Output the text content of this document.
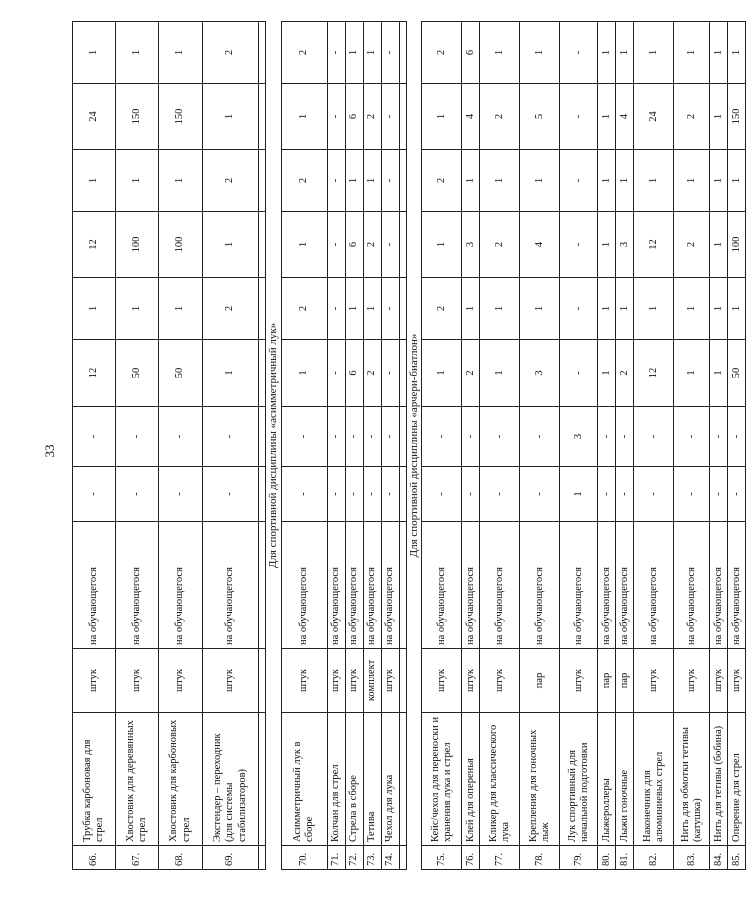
33
66.	Трубка карбоновая для стрел	штук	на обучающегося	-	-	12	1	12	1	24	1
67.	Хвостовик для деревянных стрел	штук	на обучающегося	-	-	50	1	100	1	150	1
68.	Хвостовик для карбоновых стрел	штук	на обучающегося	-	-	50	1	100	1	150	1
69.	Экстендер – переходник (для системы стабилизаторов)	штук	на обучающегося	-	-	1	2	1	2	1	2

Для спортивной дисциплины «асимметричный лук»											
70.	Асимметричный лук в сборе	штук	на обучающегося	-	-	1	2	1	2	1	2
71.	Колчан для стрел	штук	на обучающегося	-	-	-	-	-	-	-	-
72.	Стрела в сборе	штук	на обучающегося	-	-	6	1	6	1	6	1
73.	Тетива	комплект	на обучающегося	-	-	2	1	2	1	2	1
74.	Чехол для лука	штук	на обучающегося	-	-	-	-	-	-	-	-

Для спортивной дисциплины «арчери-биатлон»											
75.	Кейс/чехол для переноски и хранения лука и стрел	штук	на обучающегося	-	-	1	2	1	2	1	2
76.	Клей для оперенья	штук	на обучающегося	-	-	2	1	3	1	4	6
77.	Кликер для классического лука	штук	на обучающегося	-	-	1	1	2	1	2	1
78.	Крепления для гоночных лыж	пар	на обучающегося	-	-	3	1	4	1	5	1
79.	Лук спортивный для начальной подготовки	штук	на обучающегося	1	3	-	-	-	-	-	-
80.	Лыжероллеры	пар	на обучающегося	-	-	1	1	1	1	1	1
81.	Лыжи гоночные	пар	на обучающегося	-	-	2	1	3	1	4	1
82.	Наконечник для алюминиевых стрел	штук	на обучающегося	-	-	12	1	12	1	24	1
83.	Нить для обмотки тетивы (катушка)	штук	на обучающегося	-	-	1	1	2	1	2	1
84.	Нить для тетивы (бобина)	штук	на обучающегося	-	-	1	1	1	1	1	1
85.	Оперение для стрел	штук	на обучающегося	-	-	50	1	100	1	150	1
